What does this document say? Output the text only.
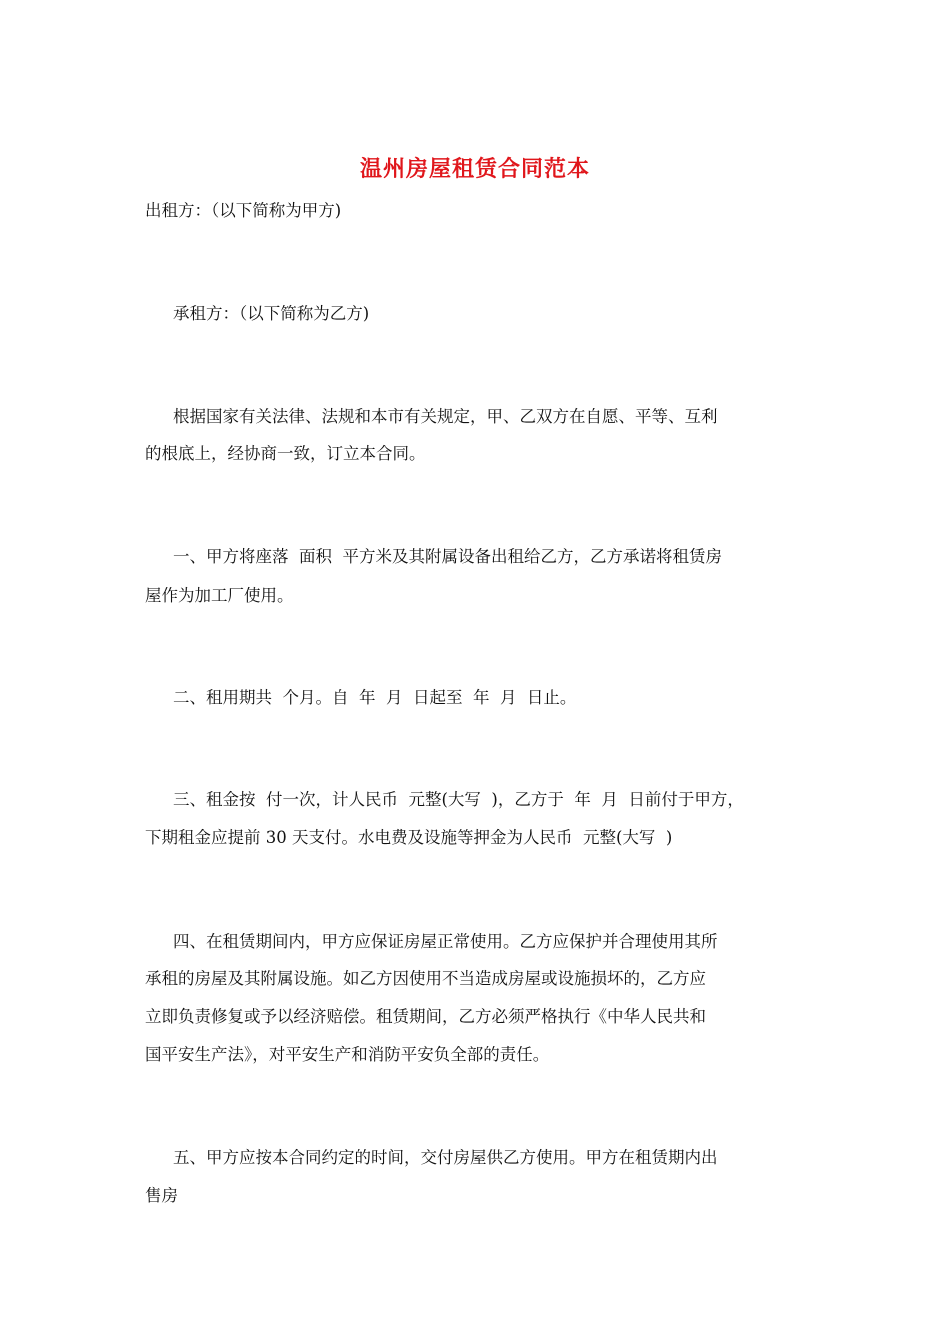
温州房屋租赁合同范本
出租方：（以下简称为甲方)
承租方：（以下简称为乙方)
根据国家有关法律、法规和本市有关规定，甲、乙双方在自愿、平等、互利
的根底上，经协商一致，订立本合同。
一、甲方将座落  面积  平方米及其附属设备出租给乙方，乙方承诺将租赁房
屋作为加工厂使用。
二、租用期共  个月。自  年  月  日起至  年  月  日止。
三、租金按  付一次，计人民币  元整(大写  )，乙方于  年  月  日前付于甲方，
下期租金应提前 30 天支付。水电费及设施等押金为人民币  元整(大写  )
四、在租赁期间内，甲方应保证房屋正常使用。乙方应保护并合理使用其所
承租的房屋及其附属设施。如乙方因使用不当造成房屋或设施损坏的，乙方应
立即负责修复或予以经济赔偿。租赁期间，乙方必须严格执行《中华人民共和
国平安生产法》，对平安生产和消防平安负全部的责任。
五、甲方应按本合同约定的时间，交付房屋供乙方使用。甲方在租赁期内出
售房
